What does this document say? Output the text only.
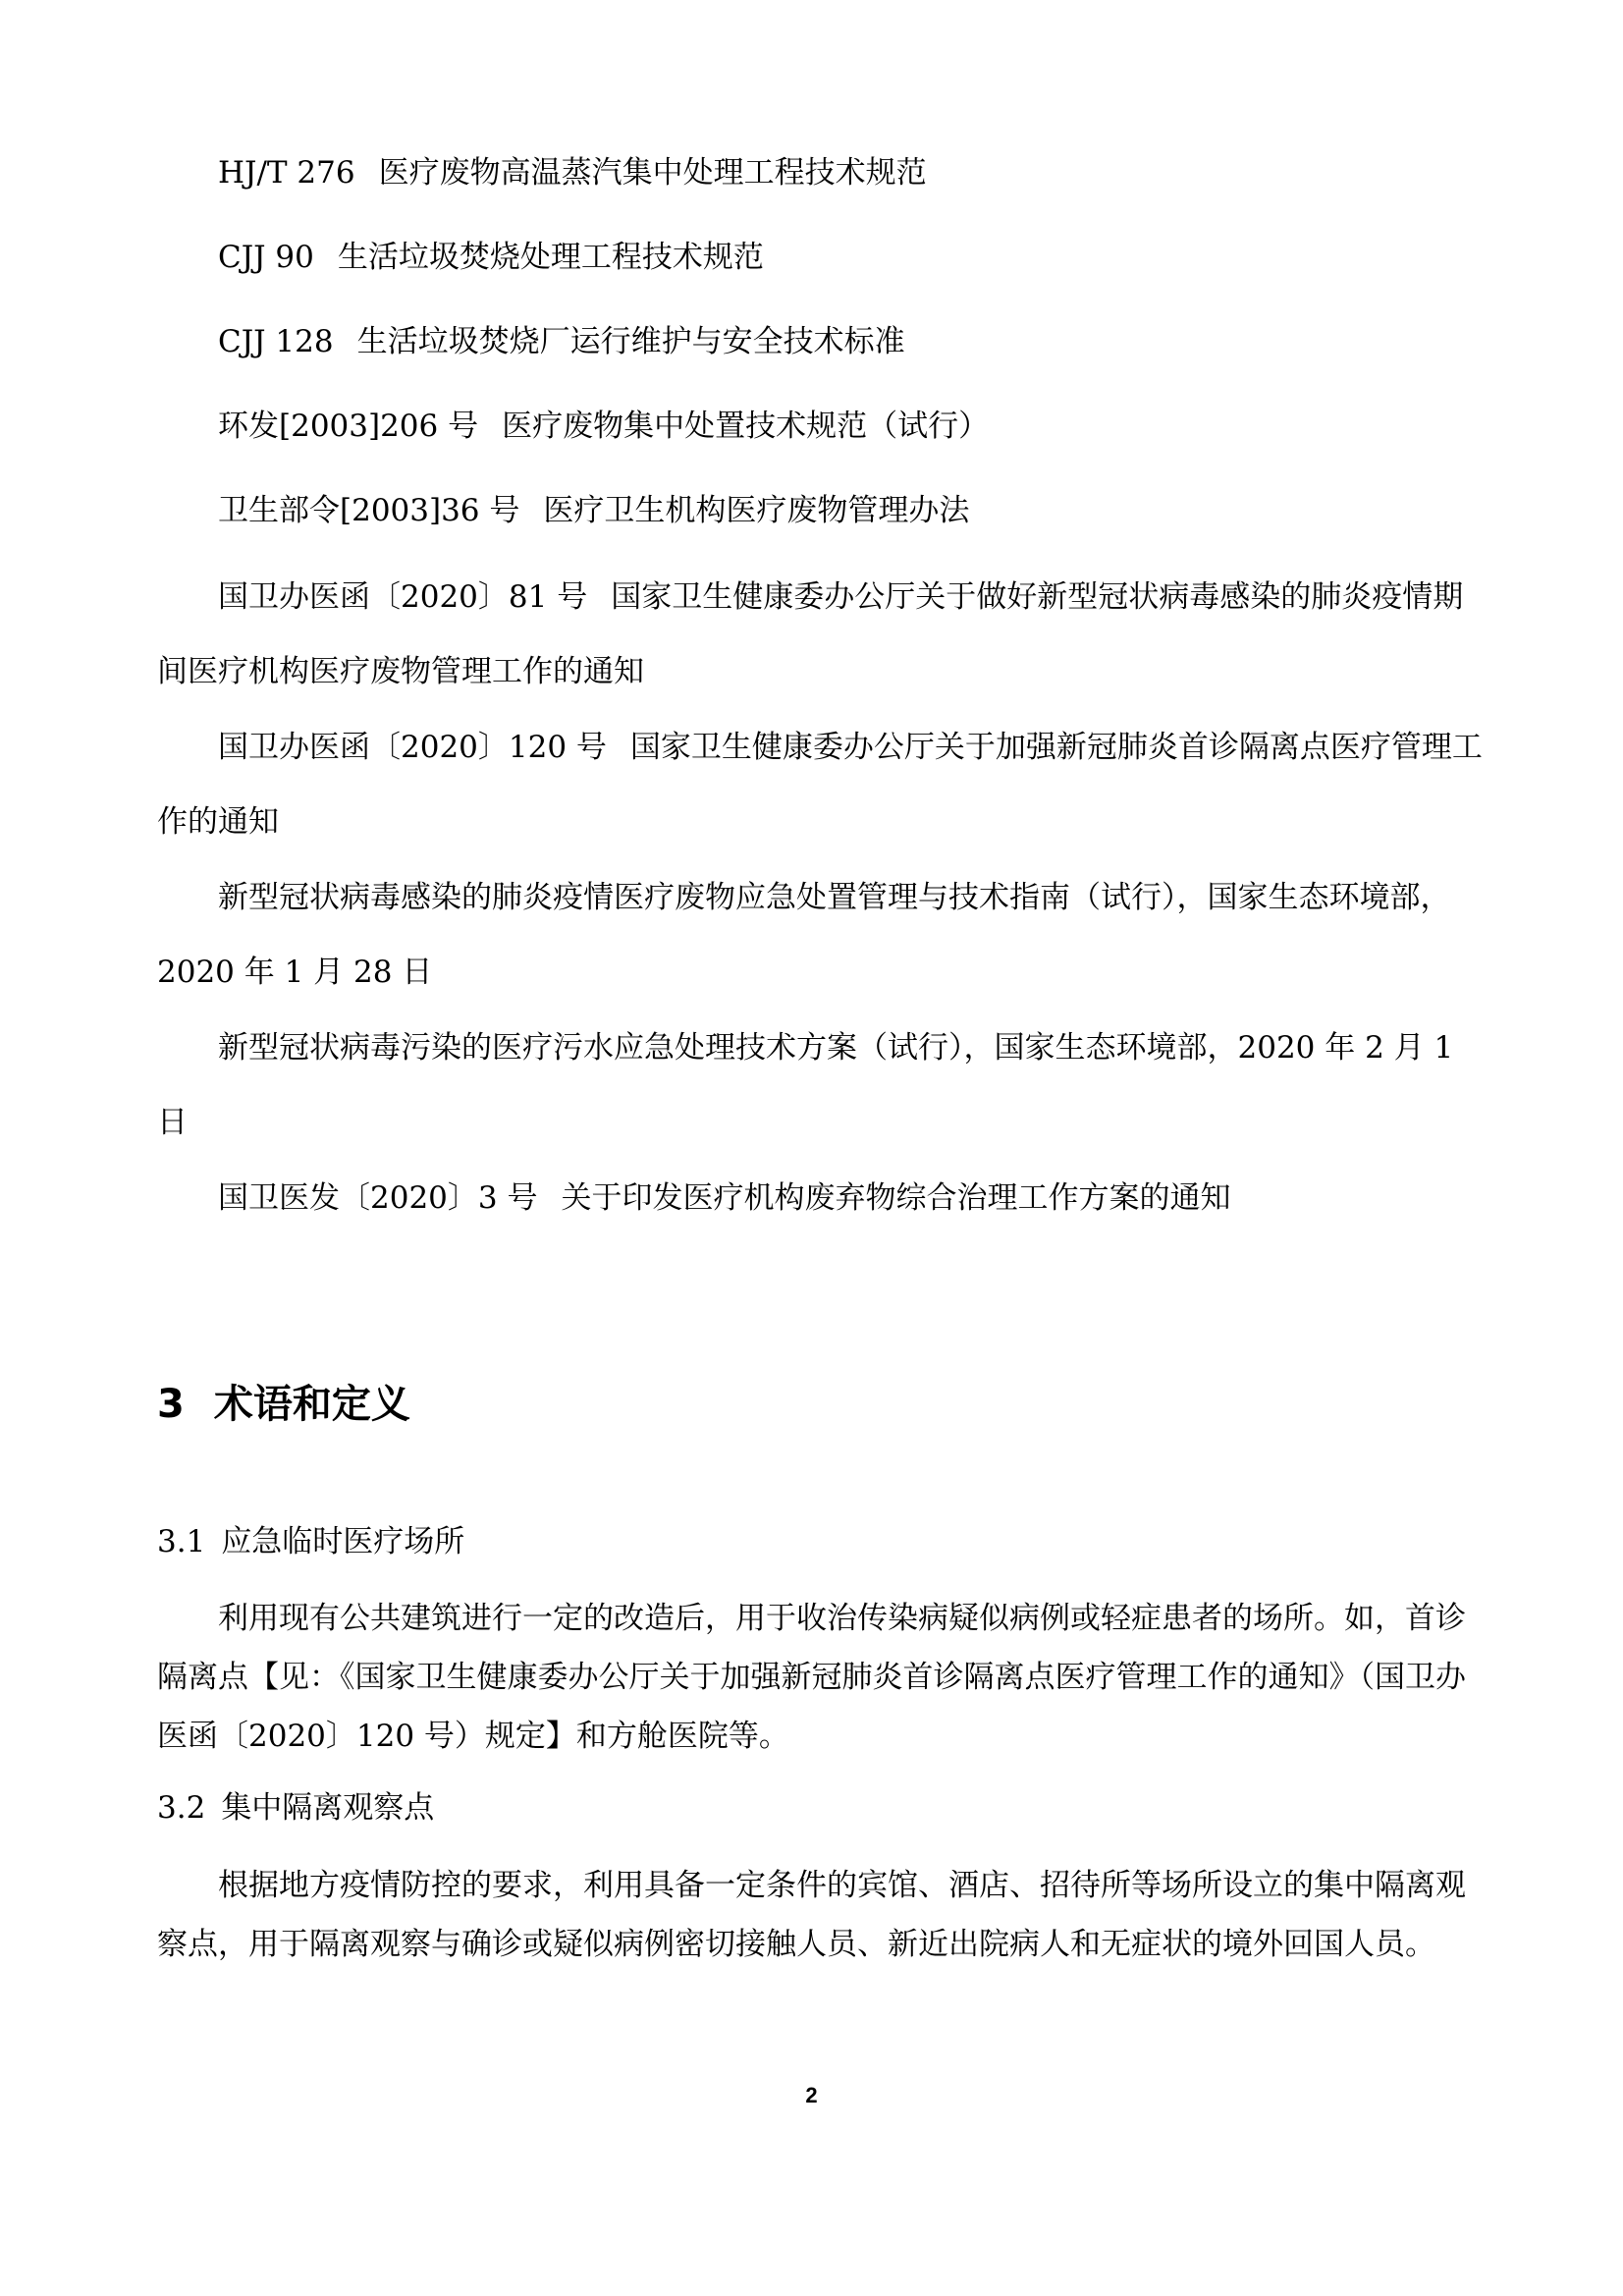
HJ/T 276 医疗废物高温蒸汽集中处理工程技术规范
CJJ 90 生活垃圾焚烧处理工程技术规范
CJJ 128 生活垃圾焚烧厂运行维护与安全技术标准
环发[2003]206 号 医疗废物集中处置技术规范（试行）
卫生部令[2003]36 号 医疗卫生机构医疗废物管理办法
国卫办医函〔2020〕81 号 国家卫生健康委办公厅关于做好新型冠状病毒感染的肺炎疫情期间医疗机构医疗废物管理工作的通知
国卫办医函〔2020〕120 号 国家卫生健康委办公厅关于加强新冠肺炎首诊隔离点医疗管理工作的通知
新型冠状病毒感染的肺炎疫情医疗废物应急处置管理与技术指南（试行），国家生态环境部，2020 年 1 月 28 日
新型冠状病毒污染的医疗污水应急处理技术方案（试行），国家生态环境部，2020 年 2 月 1 日
国卫医发〔2020〕3 号 关于印发医疗机构废弃物综合治理工作方案的通知
3 术语和定义
3.1 应急临时医疗场所
利用现有公共建筑进行一定的改造后，用于收治传染病疑似病例或轻症患者的场所。如，首诊隔离点【见：《国家卫生健康委办公厅关于加强新冠肺炎首诊隔离点医疗管理工作的通知》（国卫办医函〔2020〕120 号）规定】和方舱医院等。
3.2 集中隔离观察点
根据地方疫情防控的要求，利用具备一定条件的宾馆、酒店、招待所等场所设立的集中隔离观察点，用于隔离观察与确诊或疑似病例密切接触人员、新近出院病人和无症状的境外回国人员。
2
